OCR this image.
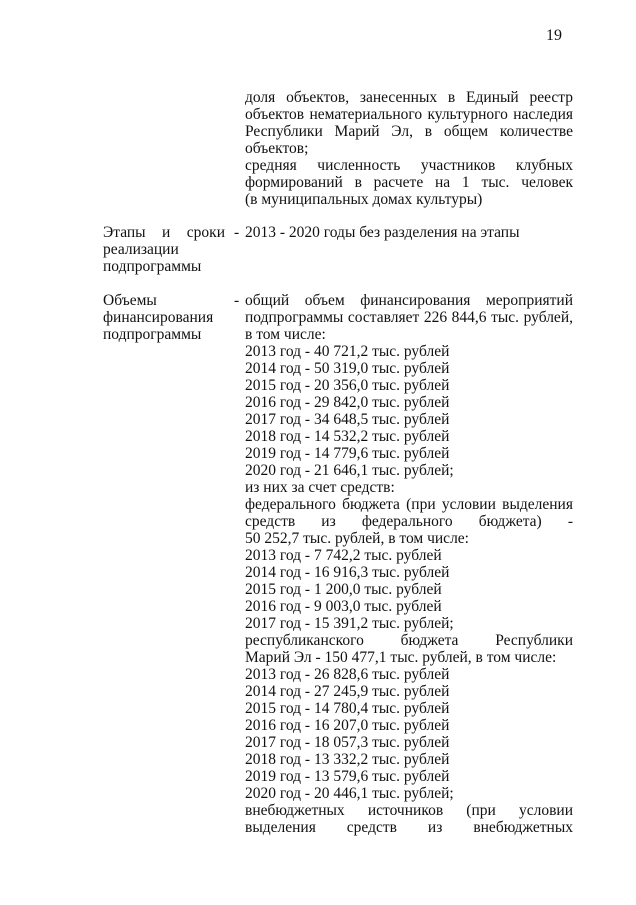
19
доля объектов, занесенных в Единый реестр
объектов нематериального культурного наследия
Республики Марий Эл, в общем количестве
объектов;
средняя численность участников клубных
формирований в расчете на 1 тыс. человек
(в муниципальных домах культуры)
Этапы и сроки
реализации
подпрограммы
- 2013 - 2020 годы без разделения на этапы
Объемы
финансирования
подпрограммы
- общий объем финансирования мероприятий
подпрограммы составляет 226 844,6 тыс. рублей,
в том числе:
2013 год - 40 721,2 тыс. рублей
2014 год - 50 319,0 тыс. рублей
2015 год - 20 356,0 тыс. рублей
2016 год - 29 842,0 тыс. рублей
2017 год - 34 648,5 тыс. рублей
2018 год - 14 532,2 тыс. рублей
2019 год - 14 779,6 тыс. рублей
2020 год - 21 646,1 тыс. рублей;
из них за счет средств:
федерального бюджета (при условии выделения
средств из федерального бюджета) -
50 252,7 тыс. рублей, в том числе:
2013 год - 7 742,2 тыс. рублей
2014 год - 16 916,3 тыс. рублей
2015 год - 1 200,0 тыс. рублей
2016 год - 9 003,0 тыс. рублей
2017 год - 15 391,2 тыс. рублей;
республиканского бюджета Республики
Марий Эл - 150 477,1 тыс. рублей, в том числе:
2013 год - 26 828,6 тыс. рублей
2014 год - 27 245,9 тыс. рублей
2015 год - 14 780,4 тыс. рублей
2016 год - 16 207,0 тыс. рублей
2017 год - 18 057,3 тыс. рублей
2018 год - 13 332,2 тыс. рублей
2019 год - 13 579,6 тыс. рублей
2020 год - 20 446,1 тыс. рублей;
внебюджетных источников (при условии
выделения средств из внебюджетных
